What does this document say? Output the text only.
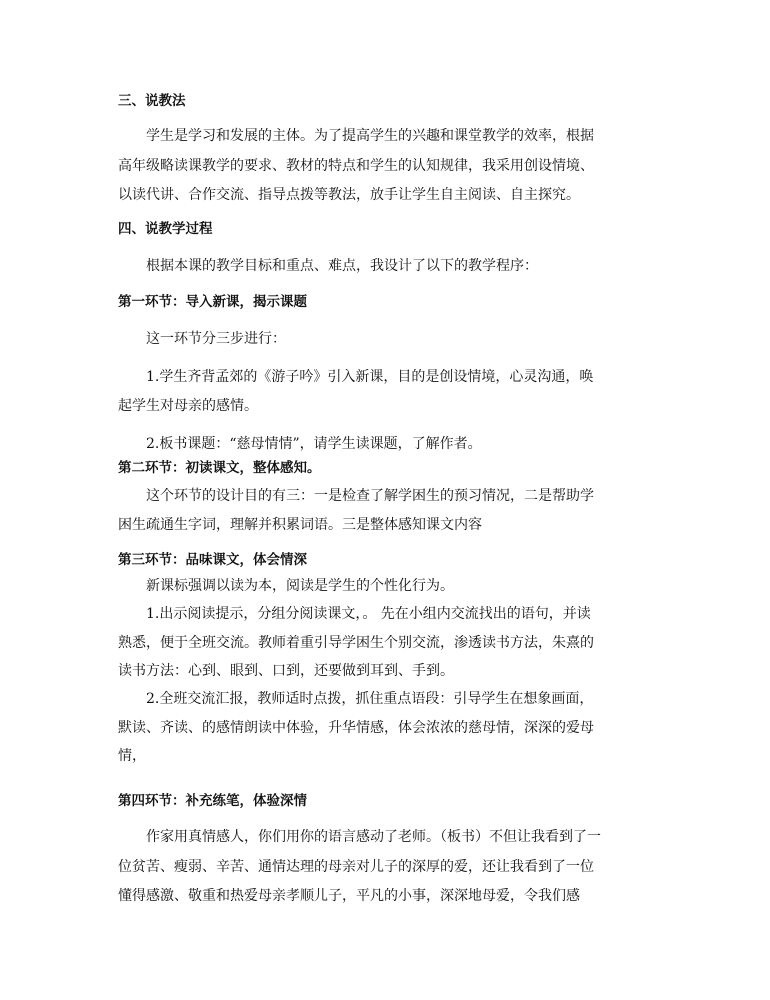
三、说教法
学生是学习和发展的主体。为了提高学生的兴趣和课堂教学的效率，根据
高年级略读课教学的要求、教材的特点和学生的认知规律，我采用创设情境、
以读代讲、合作交流、指导点拨等教法，放手让学生自主阅读、自主探究。
四、说教学过程
根据本课的教学目标和重点、难点，我设计了以下的教学程序：
第一环节：导入新课，揭示课题
这一环节分三步进行：
1.学生齐背孟郊的《游子吟》引入新课，目的是创设情境，心灵沟通，唤
起学生对母亲的感情。
2.板书课题：“慈母情情”，请学生读课题，了解作者。
第二环节：初读课文，整体感知。
这个环节的设计目的有三：一是检查了解学困生的预习情况，二是帮助学
困生疏通生字词，理解并积累词语。三是整体感知课文内容
第三环节：品味课文，体会情深
新课标强调以读为本，阅读是学生的个性化行为。
1.出示阅读提示，分组分阅读课文，。 先在小组内交流找出的语句，并读
熟悉，便于全班交流。教师着重引导学困生个别交流，渗透读书方法，朱熹的
读书方法：心到、眼到、口到，还要做到耳到、手到。
2.全班交流汇报，教师适时点拨，抓住重点语段：引导学生在想象画面，
默读、齐读、的感情朗读中体验，升华情感，体会浓浓的慈母情，深深的爱母
情，
第四环节：补充练笔，体验深情
作家用真情感人，你们用你的语言感动了老师。（板书）不但让我看到了一
位贫苦、瘦弱、辛苦、通情达理的母亲对儿子的深厚的爱，还让我看到了一位
懂得感激、敬重和热爱母亲孝顺儿子，平凡的小事，深深地母爱，令我们感
